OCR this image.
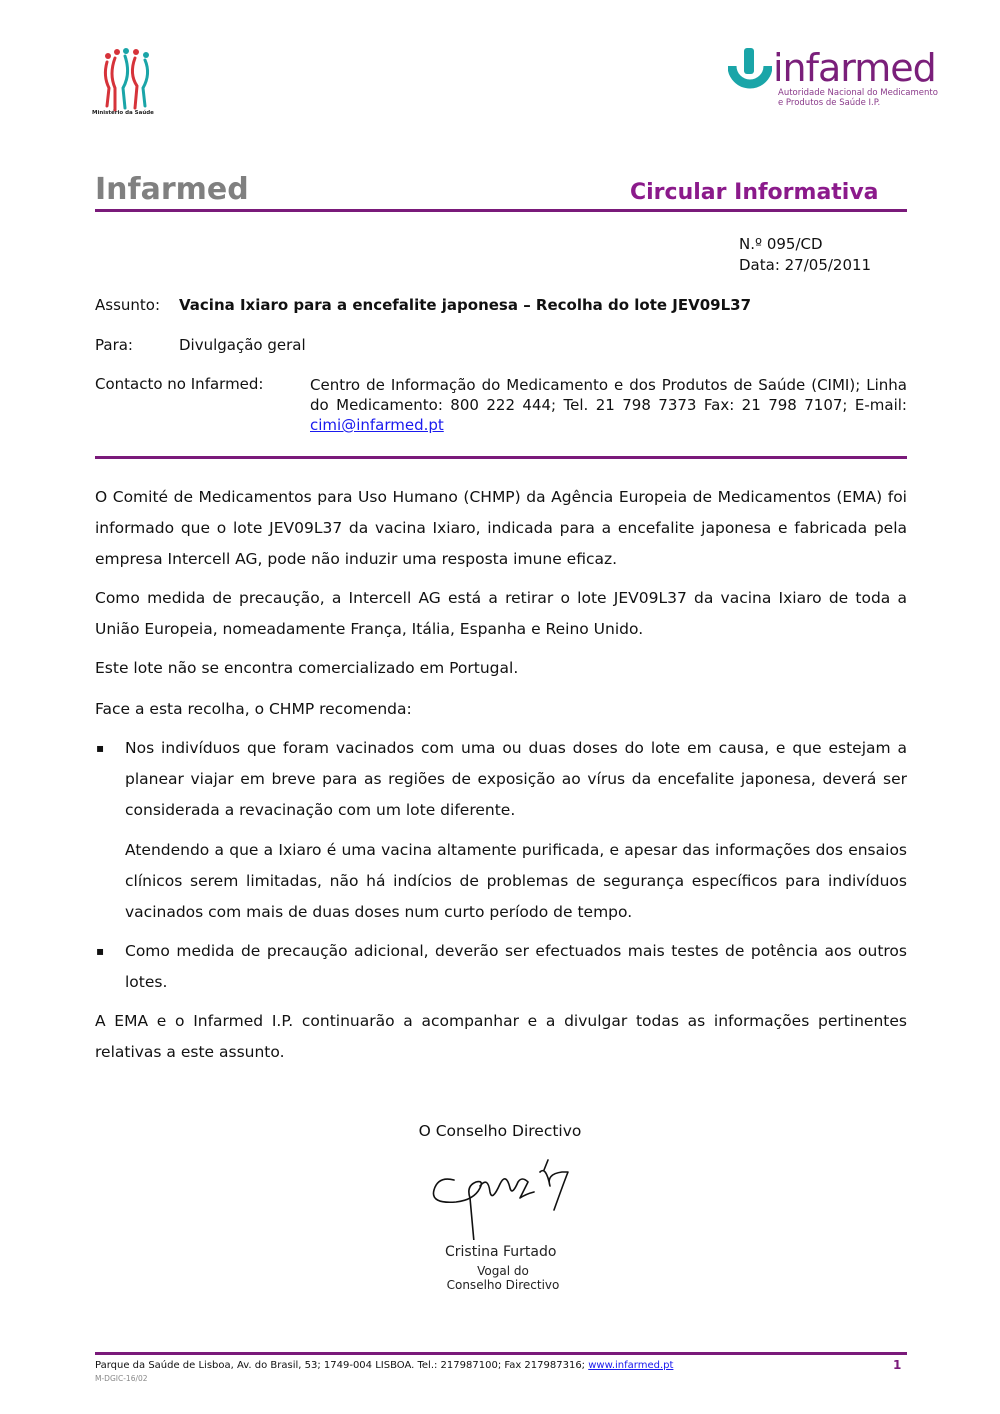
Ministério da Saúde
infarmed
Autoridade Nacional do Medicamento
e Produtos de Saúde I.P.
Infarmed	Circular Informativa
N.º 095/CD
Data: 27/05/2011
Assunto: Vacina Ixiaro para a encefalite japonesa – Recolha do lote JEV09L37
Para:	Divulgação geral
Contacto no Infarmed:	Centro de Informação do Medicamento e dos Produtos de Saúde (CIMI); Linha do Medicamento: 800 222 444; Tel. 21 798 7373 Fax: 21 798 7107; E-mail: cimi@infarmed.pt
O Comité de Medicamentos para Uso Humano (CHMP) da Agência Europeia de Medicamentos (EMA) foi informado que o lote JEV09L37 da vacina Ixiaro, indicada para a encefalite japonesa e fabricada pela empresa Intercell AG, pode não induzir uma resposta imune eficaz.
Como medida de precaução, a Intercell AG está a retirar o lote JEV09L37 da vacina Ixiaro de toda a União Europeia, nomeadamente França, Itália, Espanha e Reino Unido.
Este lote não se encontra comercializado em Portugal.
Face a esta recolha, o CHMP recomenda:
▪ Nos indivíduos que foram vacinados com uma ou duas doses do lote em causa, e que estejam a planear viajar em breve para as regiões de exposição ao vírus da encefalite japonesa, deverá ser considerada a revacinação com um lote diferente.
Atendendo a que a Ixiaro é uma vacina altamente purificada, e apesar das informações dos ensaios clínicos serem limitadas, não há indícios de problemas de segurança específicos para indivíduos vacinados com mais de duas doses num curto período de tempo.
▪ Como medida de precaução adicional, deverão ser efectuados mais testes de potência aos outros lotes.
A EMA e o Infarmed I.P. continuarão a acompanhar e a divulgar todas as informações pertinentes relativas a este assunto.
O Conselho Directivo
Cristina Furtado
Vogal do
Conselho Directivo
Parque da Saúde de Lisboa, Av. do Brasil, 53; 1749-004 LISBOA. Tel.: 217987100; Fax 217987316; www.infarmed.pt
M-DGIC-16/02
1
